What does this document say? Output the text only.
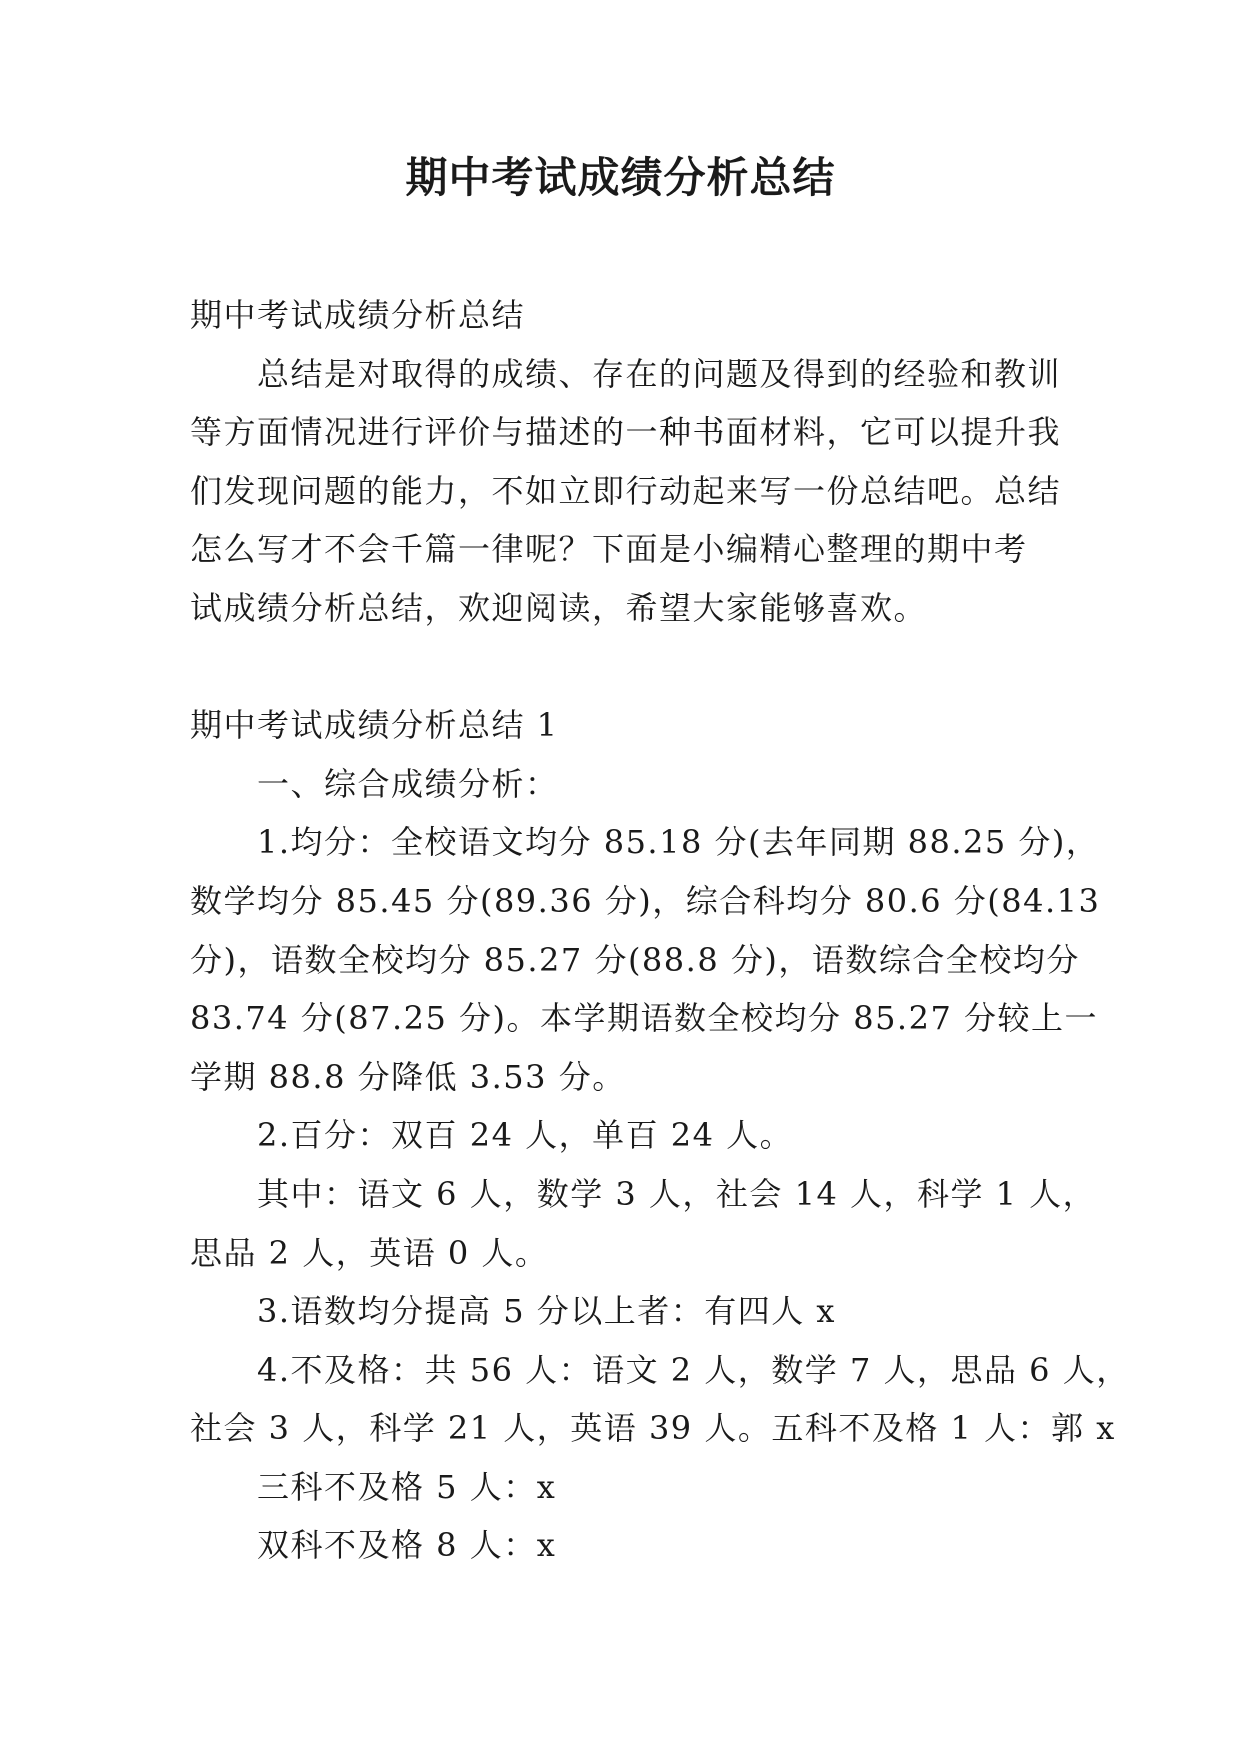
期中考试成绩分析总结

期中考试成绩分析总结

总结是对取得的成绩、存在的问题及得到的经验和教训

等方面情况进行评价与描述的一种书面材料，它可以提升我

们发现问题的能力，不如立即行动起来写一份总结吧。总结

怎么写才不会千篇一律呢？下面是小编精心整理的期中考

试成绩分析总结，欢迎阅读，希望大家能够喜欢。

期中考试成绩分析总结 1

一、综合成绩分析：

1.均分：全校语文均分 85.18 分(去年同期 88.25 分)，

数学均分 85.45 分(89.36 分)，综合科均分 80.6 分(84.13

分)，语数全校均分 85.27 分(88.8 分)，语数综合全校均分

83.74 分(87.25 分)。本学期语数全校均分 85.27 分较上一

学期 88.8 分降低 3.53 分。

2.百分：双百 24 人，单百 24 人。

其中：语文 6 人，数学 3 人，社会 14 人，科学 1 人，

思品 2 人，英语 0 人。

3.语数均分提高 5 分以上者：有四人 x

4.不及格：共 56 人：语文 2 人，数学 7 人，思品 6 人，

社会 3 人，科学 21 人，英语 39 人。五科不及格 1 人：郭 x

三科不及格 5 人：x

双科不及格 8 人：x
